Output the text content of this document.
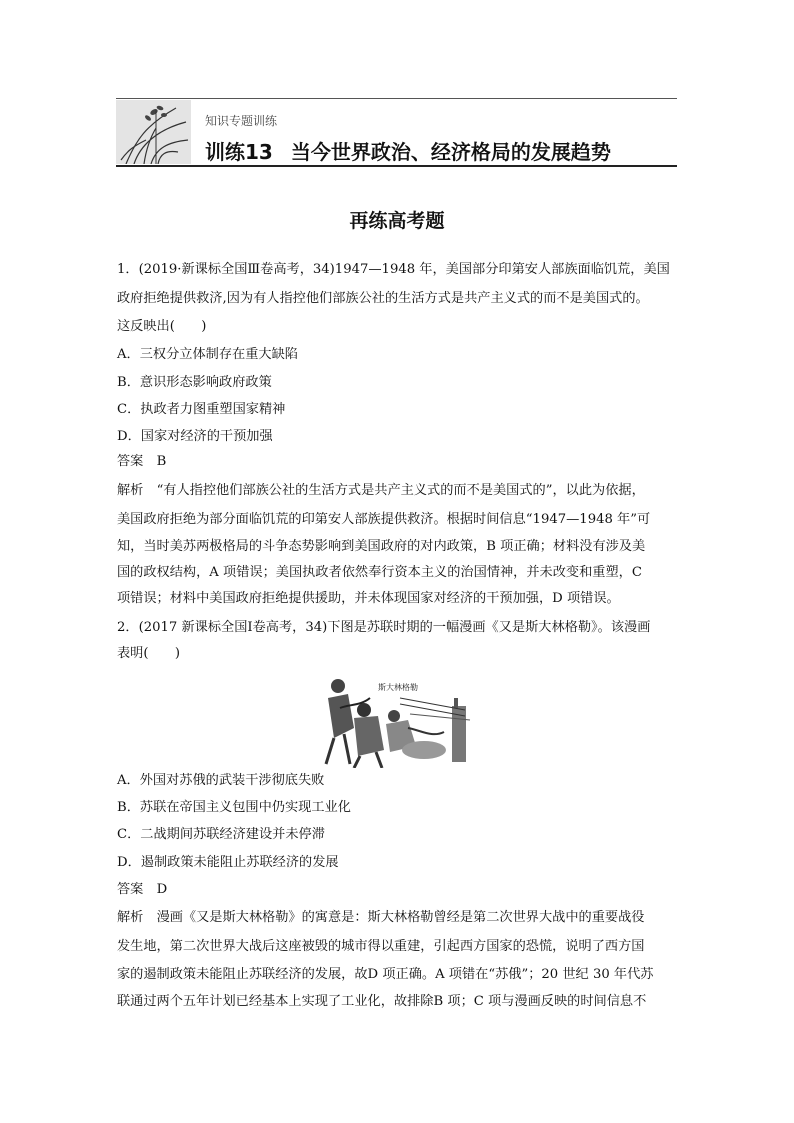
知识专题训练
训练13 当今世界政治、经济格局的发展趋势
再练高考题
1．(2019·新课标全国Ⅲ卷高考，34)1947—1948 年，美国部分印第安人部族面临饥荒，美国
政府拒绝提供救济,因为有人指控他们部族公社的生活方式是共产主义式的而不是美国式的。
这反映出(　　)
A．三权分立体制存在重大缺陷
B．意识形态影响政府政策
C．执政者力图重塑国家精神
D．国家对经济的干预加强
答案　 B
解析　 “有人指控他们部族公社的生活方式是共产主义式的而不是美国式的”，以此为依据，
美国政府拒绝为部分面临饥荒的印第安人部族提供救济。根据时间信息“1947—1948 年”可
知，当时美苏两极格局的斗争态势影响到美国政府的对内政策，B 项正确；材料没有涉及美
国的政权结构，A 项错误；美国执政者依然奉行资本主义的治国情神，并未改变和重塑，C
项错误；材料中美国政府拒绝提供援助，并未体现国家对经济的干预加强，D 项错误。
2．(2017 新课标全国Ⅰ卷高考，34)下图是苏联时期的一幅漫画《又是斯大林格勒》。该漫画
表明(　　)
斯大林格勒
A．外国对苏俄的武装干涉彻底失败
B．苏联在帝国主义包围中仍实现工业化
C．二战期间苏联经济建设并未停滞
D．遏制政策未能阻止苏联经济的发展
答案　 D
解析　 漫画《又是斯大林格勒》的寓意是：斯大林格勒曾经是第二次世界大战中的重要战役
发生地，第二次世界大战后这座被毁的城市得以重建，引起西方国家的恐慌，说明了西方国
家的遏制政策未能阻止苏联经济的发展，故D 项正确。A 项错在“苏俄”；20 世纪 30 年代苏
联通过两个五年计划已经基本上实现了工业化，故排除B 项；C 项与漫画反映的时间信息不
